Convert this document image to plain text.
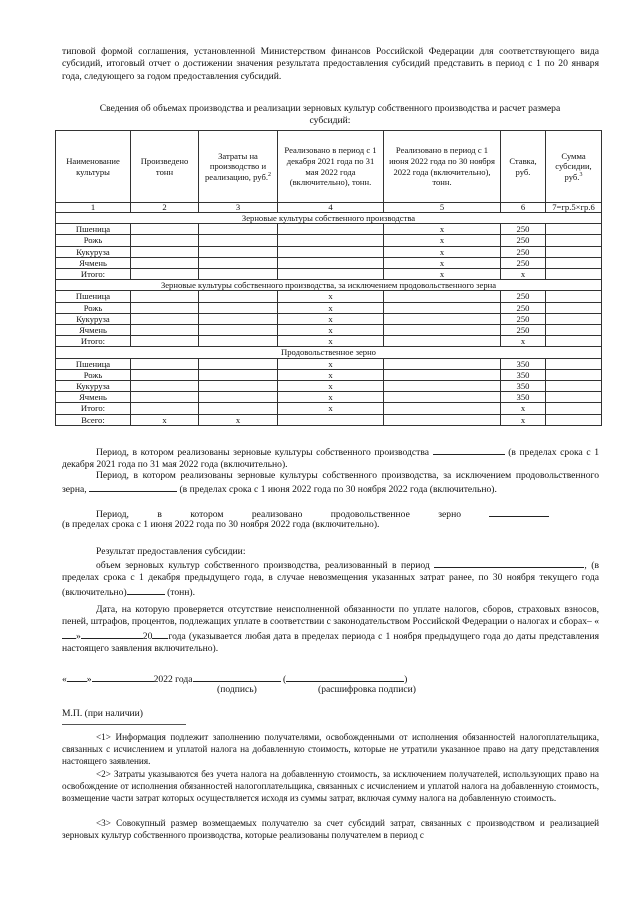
типовой формой соглашения, установленной Министерством финансов Российской Федерации для соответствующего вида субсидий, итоговый отчет о достижении значения результата предоставления субсидий представить в период с 1 по 20 января года, следующего за годом предоставления субсидий.
Сведения об объемах производства и реализации зерновых культур собственного производства и расчет размера субсидий:
Наименование культуры	Произведено тонн	Затраты на производство и реализацию, руб.$^2$	Реализовано в период с 1 декабря 2021 года по 31 мая 2022 года (включительно), тонн.	Реализовано в период с 1 июня 2022 года по 30 ноября 2022 года (включительно), тонн.	Ставка, руб.	Сумма субсидии, руб.$^3$
1	2	3	4	5	6	7=гр.5×гр.6
Зерновые культуры собственного производства						
Пшеница				x	250	
Рожь				x	250	
Кукуруза				x	250	
Ячмень				x	250	
Итого:				x	x	
Зерновые культуры собственного производства, за исключением продовольственного зерна						
Пшеница			x		250	
Рожь			x		250	
Кукуруза			x		250	
Ячмень			x		250	
Итого:			x		x	
Продовольственное зерно						
Пшеница			x		350	
Рожь			x		350	
Кукуруза			x		350	
Ячмень			x		350	
Итого:			x		x	
Всего:	x	x			x	
Период, в котором реализованы зерновые культуры собственного производства	(в пределах срока с 1 декабря 2021 года по 31 мая 2022 года (включительно).
Период, в котором реализованы зерновые культуры собственного производства, за исключением продовольственного зерна,	(в пределах срока с 1 июня 2022 года по 30 ноября 2022 года (включительно).
Период, в котором реализовано продовольственное зерно
(в пределах срока с 1 июня 2022 года по 30 ноября 2022 года (включительно).
Результат предоставления субсидии:
объем зерновых культур собственного производства, реализованный в период	, (в пределах срока с 1 декабря предыдущего года, в случае невозмещения указанных затрат ранее, по 30 ноября текущего года (включительно)	(тонн).
Дата, на которую проверяется отсутствие неисполненной обязанности по уплате налогов, сборов, страховых взносов, пеней, штрафов, процентов, подлежащих уплате в соответствии с законодательством Российской Федерации о налогах и сборах– «»	20 года (указывается любая дата в пределах периода с 1 ноября предыдущего года до даты представления настоящего заявления включительно).
« »	2022 года	(	)
(подпись)	(расшифровка подписи)
М.П. (при наличии)
<1> Информация подлежит заполнению получателями, освобожденными от исполнения обязанностей налогоплательщика, связанных с исчислением и уплатой налога на добавленную стоимость, которые не утратили указанное право на дату представления настоящего заявления.
<2> Затраты указываются без учета налога на добавленную стоимость, за исключением получателей, использующих право на освобождение от исполнения обязанностей налогоплательщика, связанных с исчислением и уплатой налога на добавленную стоимость, возмещение части затрат которых осуществляется исходя из суммы затрат, включая сумму налога на добавленную стоимость.
<3> Совокупный размер возмещаемых получателю за счет субсидий затрат, связанных с производством и реализацией зерновых культур собственного производства, которые реализованы получателем в период с
